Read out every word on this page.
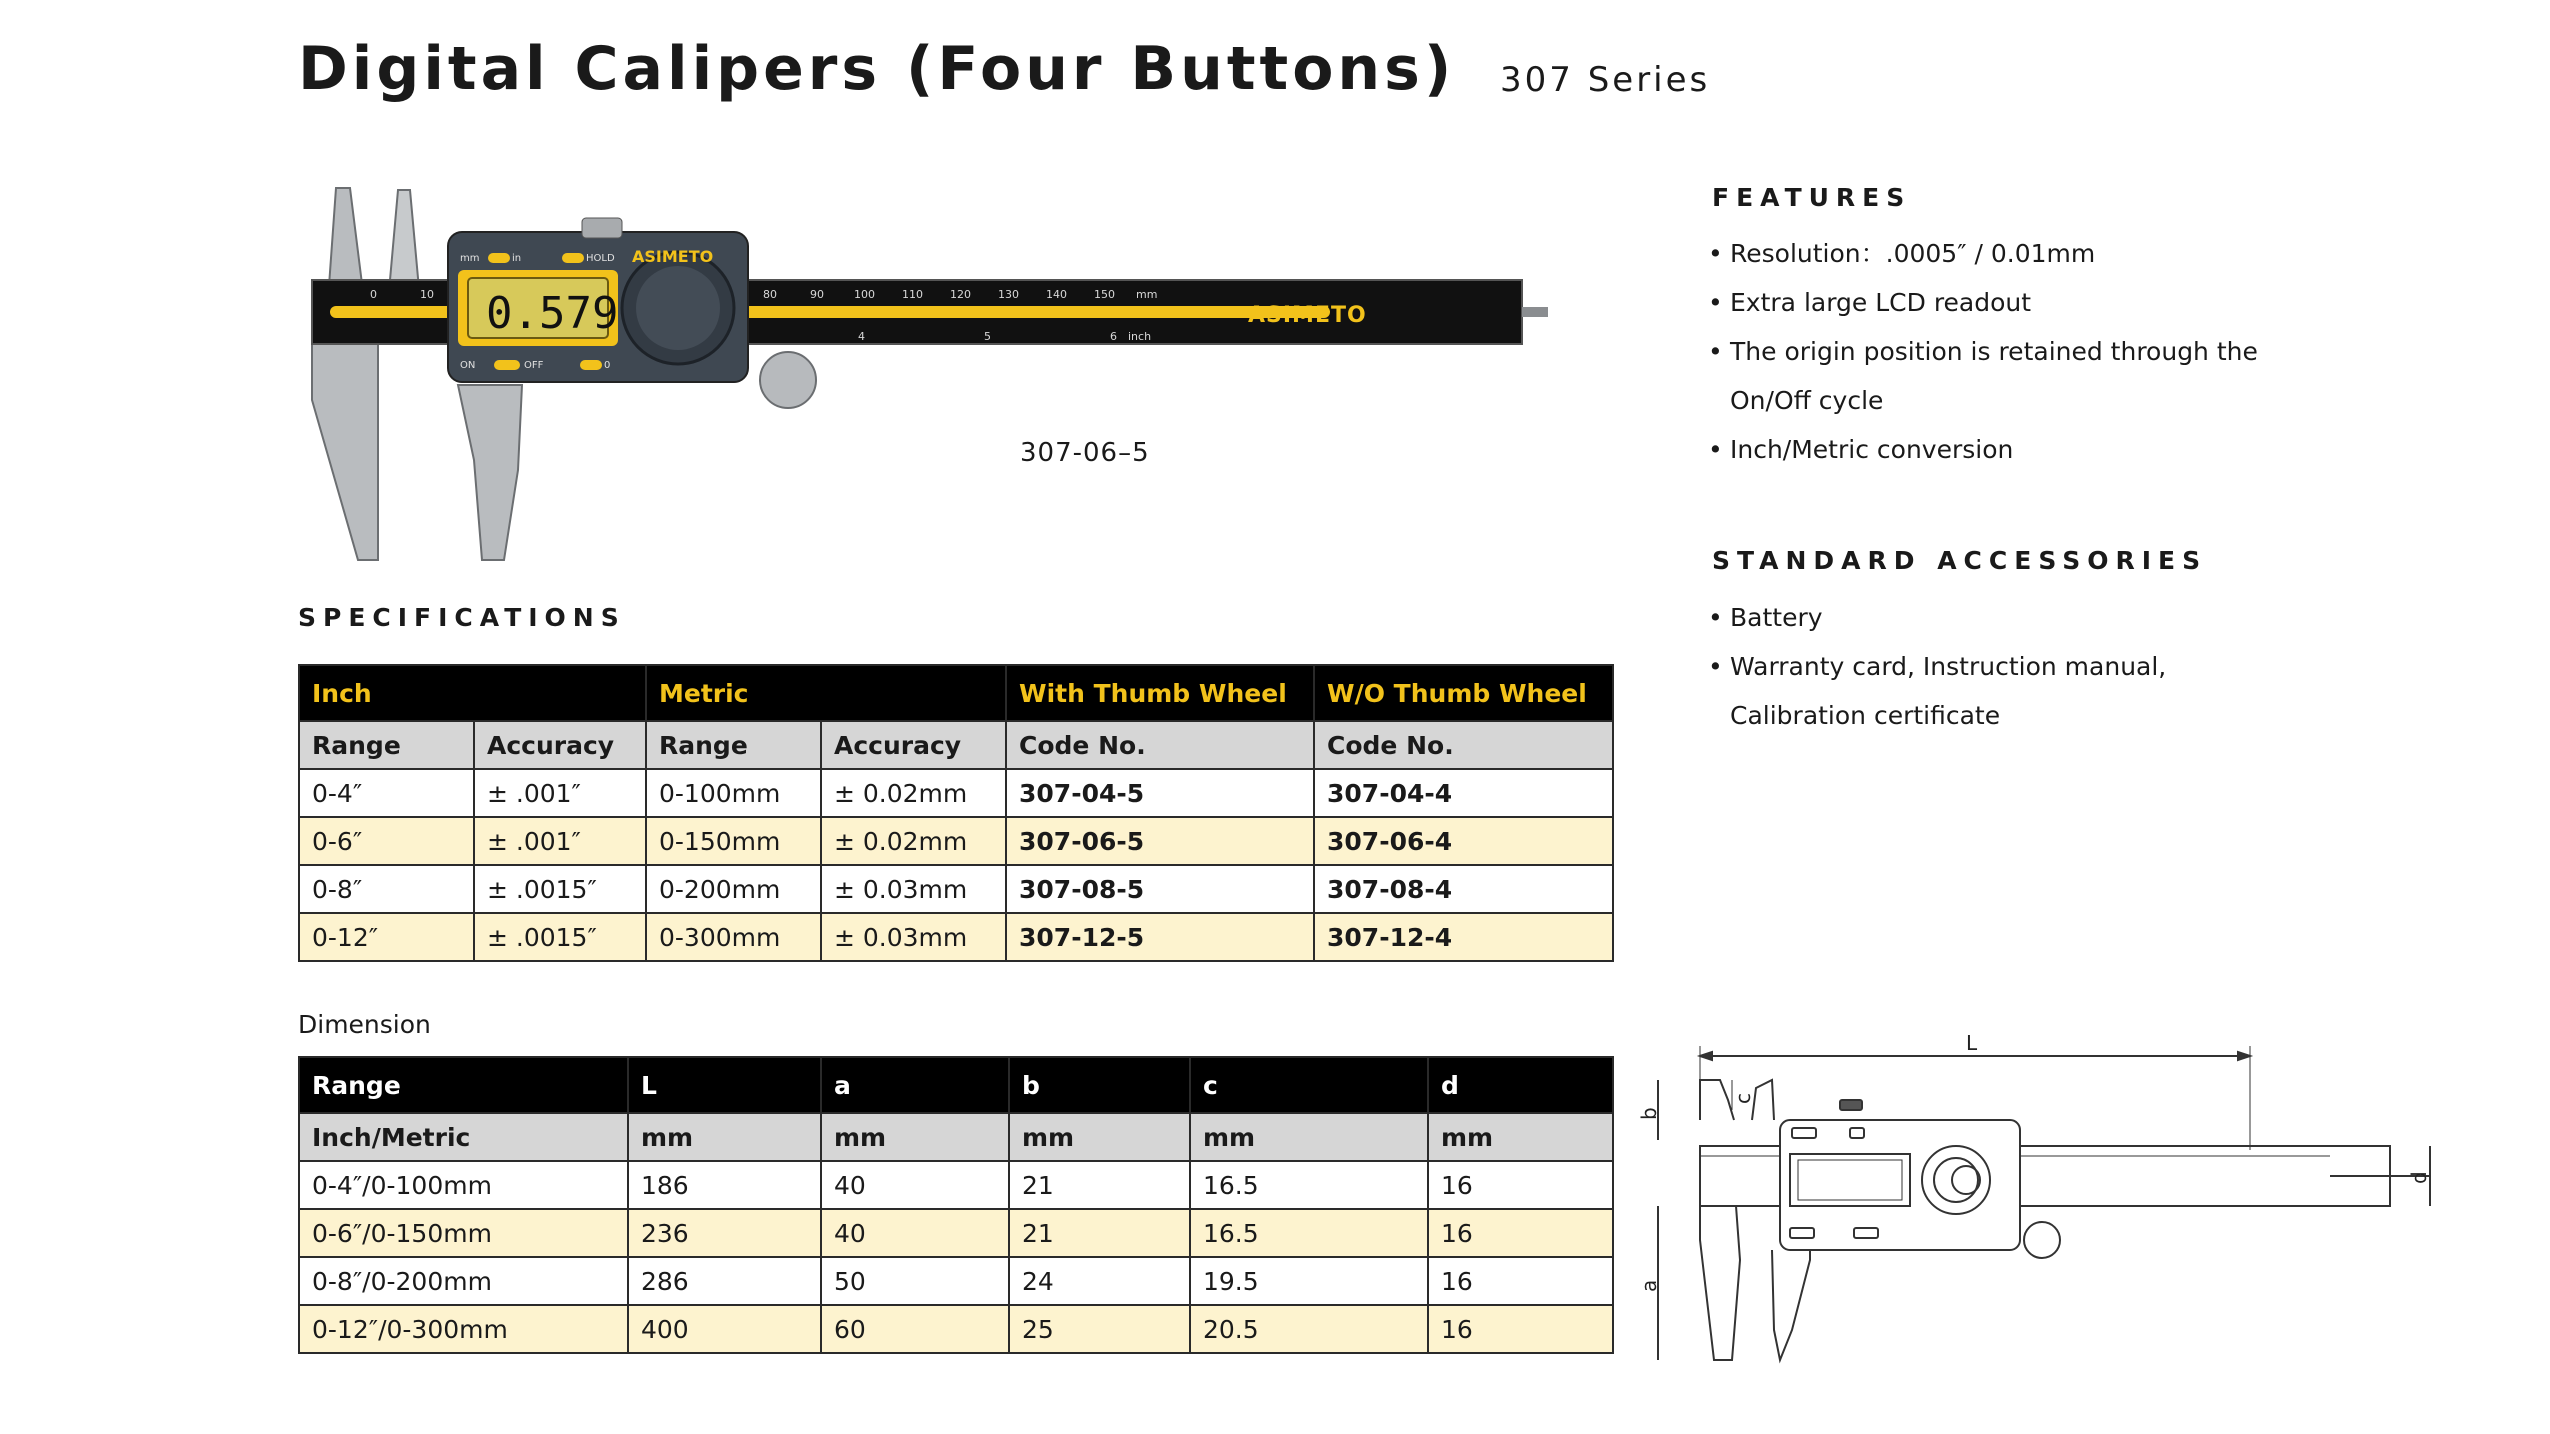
Digital Calipers (Four Buttons) 307 Series
0	10	80	90	100 110 120 130 140 150 mm
4	5	6 inch
ASIMETO
0.579
mm	in	HOLD
ON	OFF	0
ASIMETO
307-06–5
SPECIFICATIONS
Inch		Metric		With Thumb Wheel	W/O Thumb Wheel
Range	Accuracy	Range	Accuracy	Code No.	Code No.
0-4″	± .001″	0-100mm	± 0.02mm	307-04-5	307-04-4
0-6″	± .001″	0-150mm	± 0.02mm	307-06-5	307-06-4
0-8″	± .0015″	0-200mm	± 0.03mm	307-08-5	307-08-4
0-12″	± .0015″	0-300mm	± 0.03mm	307-12-5	307-12-4
Dimension
Range	L	a	b	c	d
Inch/Metric	mm	mm	mm	mm	mm
0-4″/0-100mm	186	40	21	16.5	16
0-6″/0-150mm	236	40	21	16.5	16
0-8″/0-200mm	286	50	24	19.5	16
0-12″/0-300mm	400	60	25	20.5	16
FEATURES
• Resolution：.0005″ / 0.01mm
• Extra large LCD readout
• The origin position is retained through the On/Off cycle
• Inch/Metric conversion
STANDARD ACCESSORIES
• Battery
• Warranty card, Instruction manual, Calibration certificate
L
b
c
a
d
